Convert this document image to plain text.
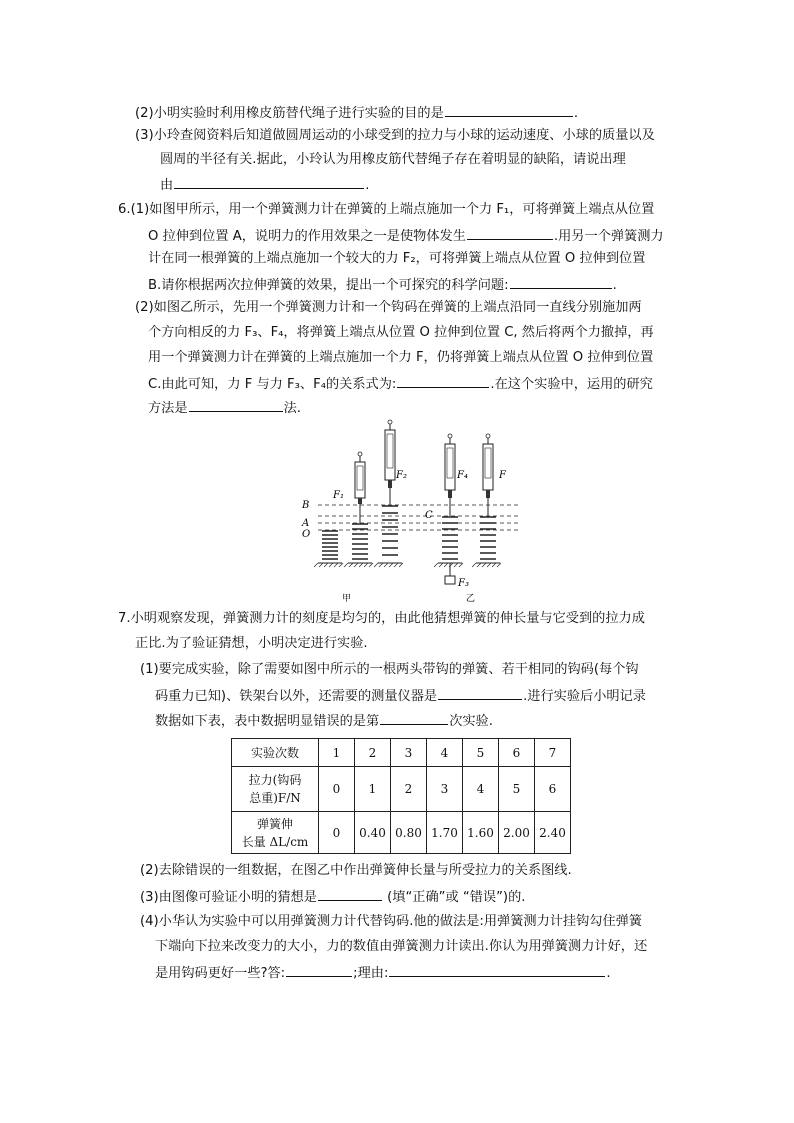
(2)小明实验时利用橡皮筋替代绳子进行实验的目的是	.
(3)小玲查阅资料后知道做圆周运动的小球受到的拉力与小球的运动速度、小球的质量以及
圆周的半径有关.据此，小玲认为用橡皮筋代替绳子存在着明显的缺陷，请说出理
由	.
6.(1)如图甲所示，用一个弹簧测力计在弹簧的上端点施加一个力 F₁，可将弹簧上端点从位置
O 拉伸到位置 A，说明力的作用效果之一是使物体发生	.用另一个弹簧测力
计在同一根弹簧的上端点施加一个较大的力 F₂，可将弹簧上端点从位置 O 拉伸到位置
B.请你根据两次拉伸弹簧的效果，提出一个可探究的科学问题:	.
(2)如图乙所示，先用一个弹簧测力计和一个钩码在弹簧的上端点沿同一直线分别施加两
个方向相反的力 F₃、F₄，将弹簧上端点从位置 O 拉伸到位置 C, 然后将两个力撤掉，再
用一个弹簧测力计在弹簧的上端点施加一个力 F，仍将弹簧上端点从位置 O 拉伸到位置
C.由此可知，力 F 与力 F₃、F₄的关系式为:	.在这个实验中，运用的研究
方法是	法.
B
A
O
C
F₁
F₂	F₄
F₃
F
甲	乙
7.小明观察发现，弹簧测力计的刻度是均匀的，由此他猜想弹簧的伸长量与它受到的拉力成
正比.为了验证猜想，小明决定进行实验.
(1)要完成实验，除了需要如图中所示的一根两头带钩的弹簧、若干相同的钩码(每个钩
码重力已知)、铁架台以外，还需要的测量仪器是	.进行实验后小明记录
数据如下表，表中数据明显错误的是第	次实验.
实验次数	1	2	3	4	5	6	7

拉力(钩码
总重)F/N	0	1	2	3	4	5	6

弹簧伸
长量 ΔL/cm	0	0.40	0.80	1.70	1.60	2.00	2.40
(2)去除错误的一组数据，在图乙中作出弹簧伸长量与所受拉力的关系图线.
(3)由图像可验证小明的猜想是	(填“正确”或 “错误”)的.
(4)小华认为实验中可以用弹簧测力计代替钩码.他的做法是:用弹簧测力计挂钩勾住弹簧
下端向下拉来改变力的大小，力的数值由弹簧测力计读出.你认为用弹簧测力计好，还
是用钩码更好一些?答:	;理由:	.
